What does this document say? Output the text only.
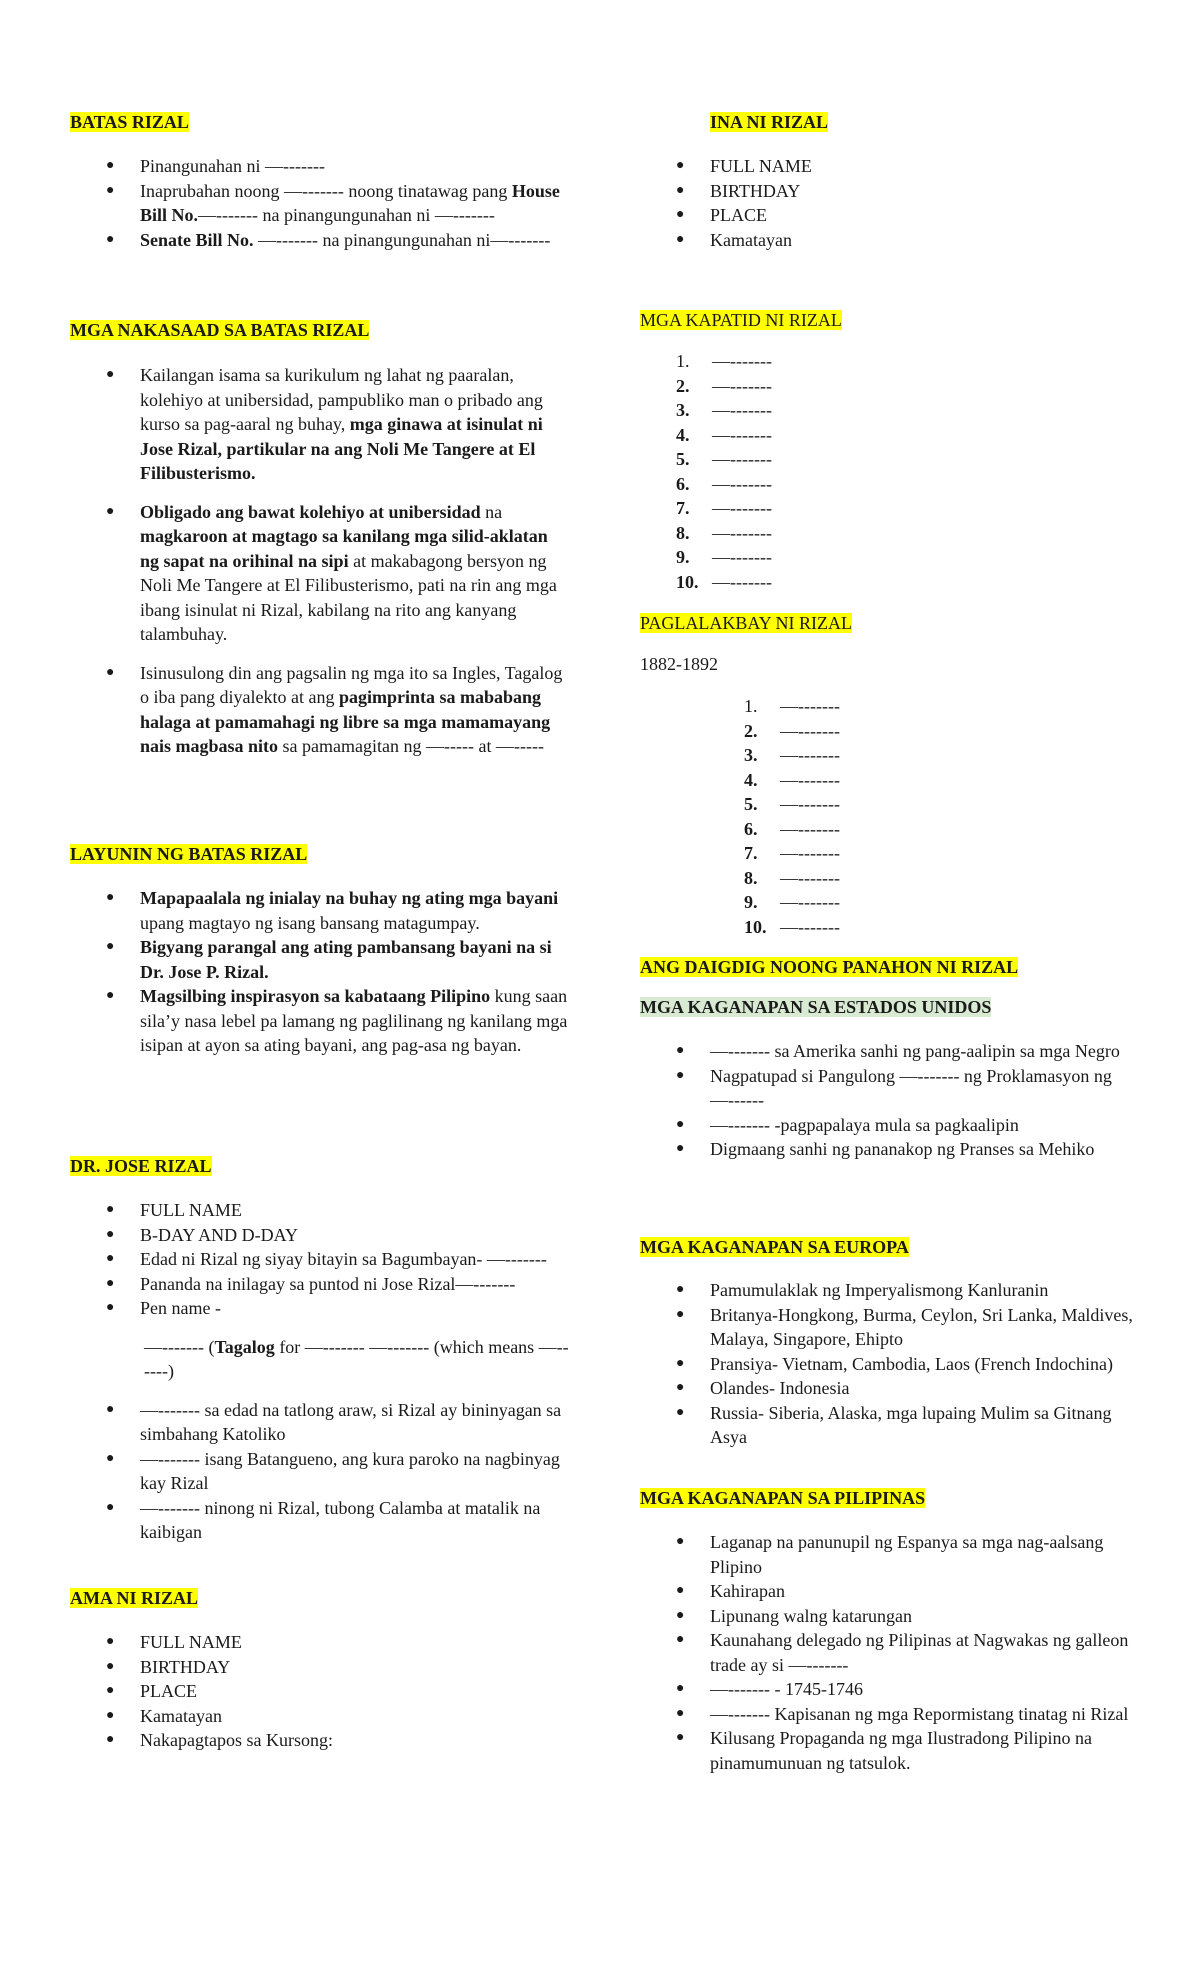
BATAS RIZAL
● Pinangunahan ni —-------
● Inaprubahan noong —------- noong tinatawag pang House Bill No.—------- na pinangungunahan ni —-------
● Senate Bill No. —------- na pinangungunahan ni—-------
MGA NAKASAAD SA BATAS RIZAL
● Kailangan isama sa kurikulum ng lahat ng paaralan, kolehiyo at unibersidad, pampubliko man o pribado ang kurso sa pag-aaral ng buhay, mga ginawa at isinulat ni Jose Rizal, partikular na ang Noli Me Tangere at El Filibusterismo.
● Obligado ang bawat kolehiyo at unibersidad na magkaroon at magtago sa kanilang mga silid-aklatan ng sapat na orihinal na sipi at makabagong bersyon ng Noli Me Tangere at El Filibusterismo, pati na rin ang mga ibang isinulat ni Rizal, kabilang na rito ang kanyang talambuhay.
● Isinusulong din ang pagsalin ng mga ito sa Ingles, Tagalog o iba pang diyalekto at ang pagimprinta sa mababang halaga at pamamahagi ng libre sa mga mamamayang nais magbasa nito sa pamamagitan ng —----- at —-----
LAYUNIN NG BATAS RIZAL
● Mapapaalala ng inialay na buhay ng ating mga bayani upang magtayo ng isang bansang matagumpay.
● Bigyang parangal ang ating pambansang bayani na si Dr. Jose P. Rizal.
● Magsilbing inspirasyon sa kabataang Pilipino kung saan sila’y nasa lebel pa lamang ng paglilinang ng kanilang mga isipan at ayon sa ating bayani, ang pag-asa ng bayan.
DR. JOSE RIZAL
● FULL NAME
● B-DAY AND D-DAY
● Edad ni Rizal ng siyay bitayin sa Bagumbayan- —-------
● Pananda na inilagay sa puntod ni Jose Rizal—-------
● Pen name -
—------- (Tagalog for —------- —------- (which means —------)
● —------- sa edad na tatlong araw, si Rizal ay bininyagan sa simbahang Katoliko
● —------- isang Batangueno, ang kura paroko na nagbinyag kay Rizal
● —------- ninong ni Rizal, tubong Calamba at matalik na kaibigan
AMA NI RIZAL
● FULL NAME
● BIRTHDAY
● PLACE
● Kamatayan
● Nakapagtapos sa Kursong:
INA NI RIZAL
● FULL NAME
● BIRTHDAY
● PLACE
● Kamatayan
MGA KAPATID NI RIZAL
1. —-------
2. —-------
3. —-------
4. —-------
5. —-------
6. —-------
7. —-------
8. —-------
9. —-------
10. —-------
PAGLALAKBAY NI RIZAL
1882-1892
1. —-------
2. —-------
3. —-------
4. —-------
5. —-------
6. —-------
7. —-------
8. —-------
9. —-------
10. —-------
ANG DAIGDIG NOONG PANAHON NI RIZAL
MGA KAGANAPAN SA ESTADOS UNIDOS
● —------- sa Amerika sanhi ng pang-aalipin sa mga Negro
● Nagpatupad si Pangulong —------- ng Proklamasyon ng —------
● —------- -pagpapalaya mula sa pagkaalipin
● Digmaang sanhi ng pananakop ng Pranses sa Mehiko
MGA KAGANAPAN SA EUROPA
● Pamumulaklak ng Imperyalismong Kanluranin
● Britanya-Hongkong, Burma, Ceylon, Sri Lanka, Maldives, Malaya, Singapore, Ehipto
● Pransiya- Vietnam, Cambodia, Laos (French Indochina)
● Olandes- Indonesia
● Russia- Siberia, Alaska, mga lupaing Mulim sa Gitnang Asya
MGA KAGANAPAN SA PILIPINAS
● Laganap na panunupil ng Espanya sa mga nag-aalsang Plipino
● Kahirapan
● Lipunang walng katarungan
● Kaunahang delegado ng Pilipinas at Nagwakas ng galleon trade ay si —-------
● —------- - 1745-1746
● —------- Kapisanan ng mga Repormistang tinatag ni Rizal
● Kilusang Propaganda ng mga Ilustradong Pilipino na pinamumunuan ng tatsulok.
